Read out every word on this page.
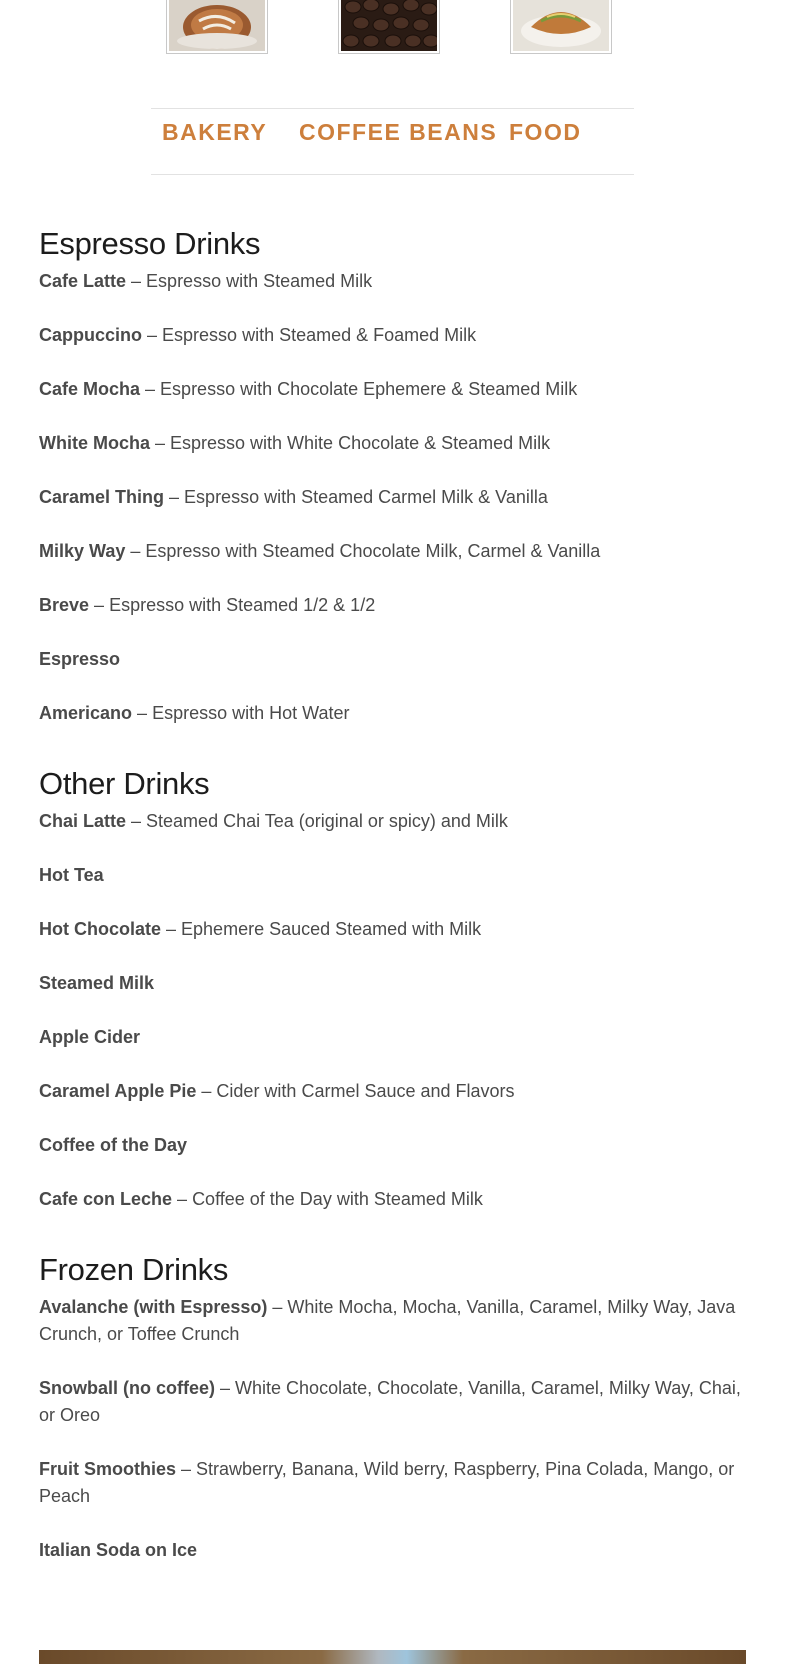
BAKERY COFFEE BEANS FOOD
Espresso Drinks

Cafe Latte – Espresso with Steamed Milk

Cappuccino – Espresso with Steamed & Foamed Milk

Cafe Mocha – Espresso with Chocolate Ephemere & Steamed Milk

White Mocha – Espresso with White Chocolate & Steamed Milk

Caramel Thing – Espresso with Steamed Carmel Milk & Vanilla

Milky Way – Espresso with Steamed Chocolate Milk, Carmel & Vanilla

Breve – Espresso with Steamed 1/2 & 1/2

Espresso

Americano – Espresso with Hot Water

Other Drinks

Chai Latte – Steamed Chai Tea (original or spicy) and Milk

Hot Tea

Hot Chocolate – Ephemere Sauced Steamed with Milk

Steamed Milk

Apple Cider

Caramel Apple Pie – Cider with Carmel Sauce and Flavors

Coffee of the Day

Cafe con Leche – Coffee of the Day with Steamed Milk

Frozen Drinks

Avalanche (with Espresso) – White Mocha, Mocha, Vanilla, Caramel, Milky Way, Java Crunch, or Toffee Crunch

Snowball (no coffee) – White Chocolate, Chocolate, Vanilla, Caramel, Milky Way, Chai, or Oreo

Fruit Smoothies – Strawberry, Banana, Wild berry, Raspberry, Pina Colada, Mango, or Peach

Italian Soda on Ice
